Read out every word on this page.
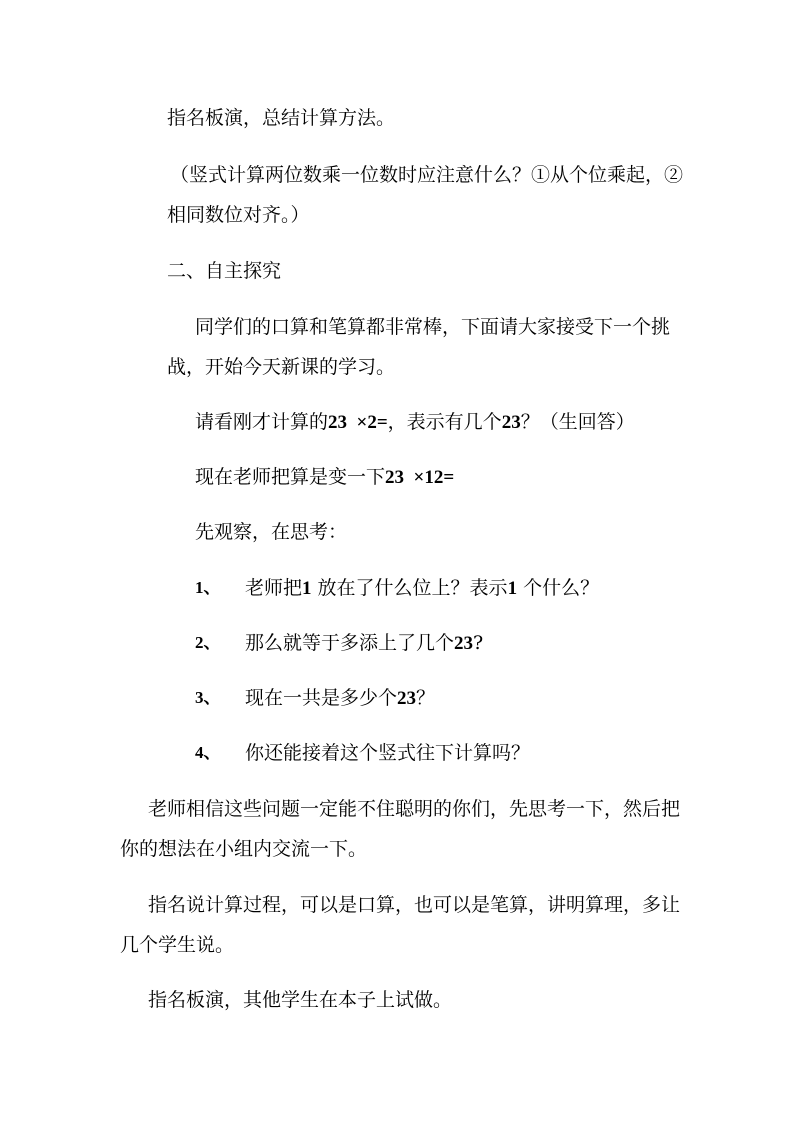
指名板演，总结计算方法。
（竖式计算两位数乘一位数时应注意什么？①从个位乘起，②
相同数位对齐。）
二、自主探究
同学们的口算和笔算都非常棒，下面请大家接受下一个挑
战，开始今天新课的学习。
请看刚才计算的23  ×2=，表示有几个23？（生回答）
现在老师把算是变一下23  ×12=
先观察，在思考：
1、 老师把1 放在了什么位上？表示1 个什么？
2、 那么就等于多添上了几个23?
3、 现在一共是多少个23？
4、 你还能接着这个竖式往下计算吗？
老师相信这些问题一定能不住聪明的你们，先思考一下，然后把
你的想法在小组内交流一下。
指名说计算过程，可以是口算，也可以是笔算，讲明算理，多让
几个学生说。
指名板演，其他学生在本子上试做。
